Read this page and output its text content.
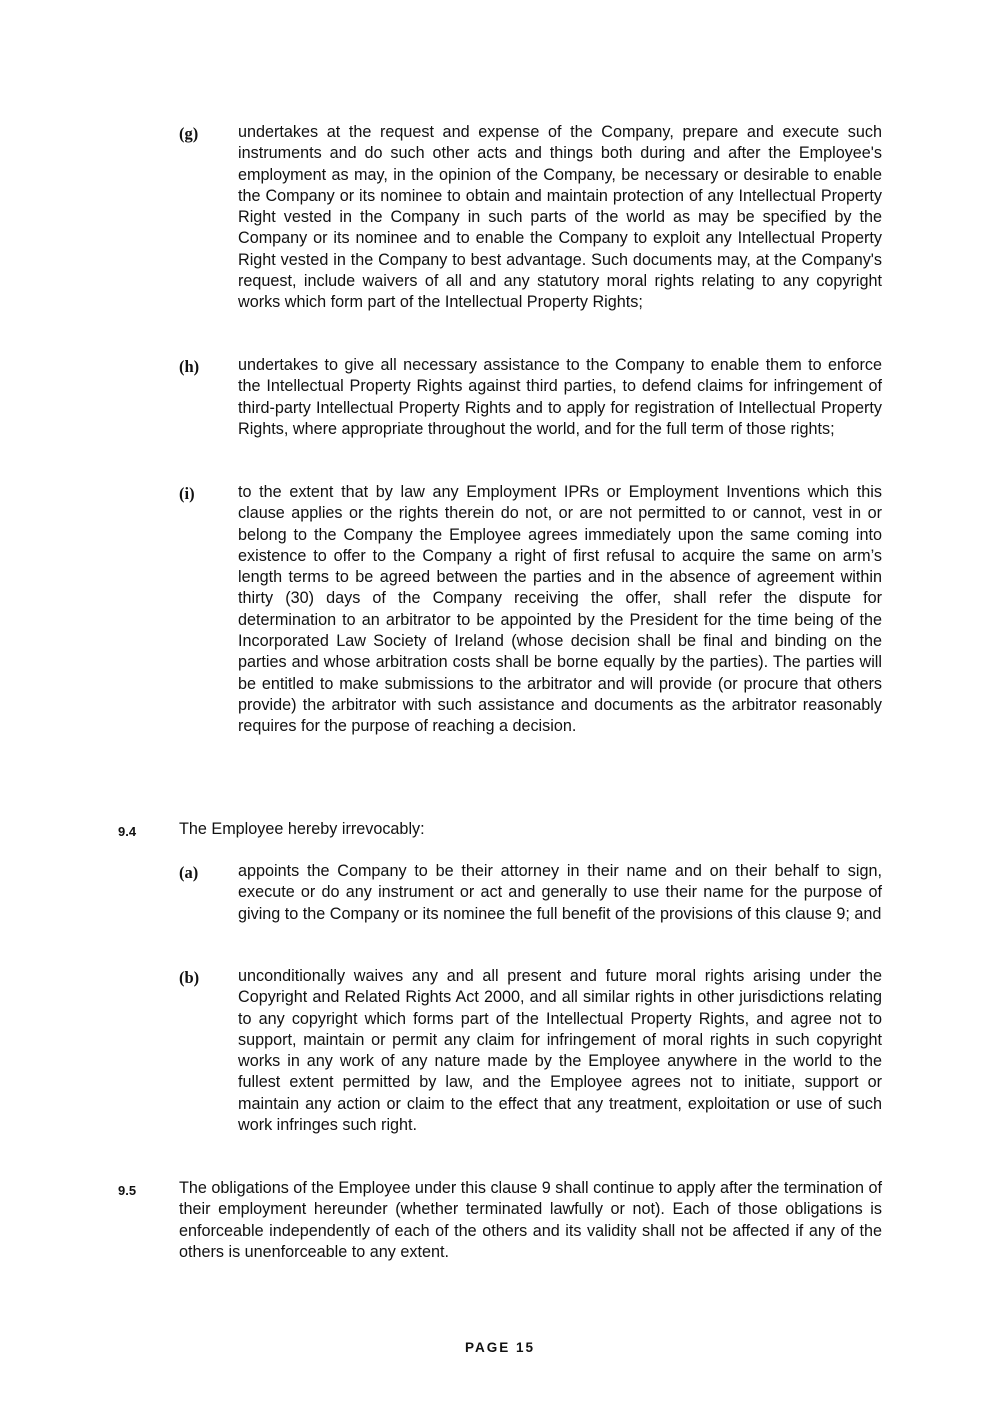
(g) undertakes at the request and expense of the Company, prepare and execute such instruments and do such other acts and things both during and after the Employee's employment as may, in the opinion of the Company, be necessary or desirable to enable the Company or its nominee to obtain and maintain protection of any Intellectual Property Right vested in the Company in such parts of the world as may be specified by the Company or its nominee and to enable the Company to exploit any Intellectual Property Right vested in the Company to best advantage. Such documents may, at the Company's request, include waivers of all and any statutory moral rights relating to any copyright works which form part of the Intellectual Property Rights;
(h) undertakes to give all necessary assistance to the Company to enable them to enforce the Intellectual Property Rights against third parties, to defend claims for infringement of third-party Intellectual Property Rights and to apply for registration of Intellectual Property Rights, where appropriate throughout the world, and for the full term of those rights;
(i)	to the extent that by law any Employment IPRs or Employment Inventions which this clause applies or the rights therein do not, or are not permitted to or cannot, vest in or belong to the Company the Employee agrees immediately upon the same coming into existence to offer to the Company a right of first refusal to acquire the same on arm’s length terms to be agreed between the parties and in the absence of agreement within thirty (30) days of the Company receiving the offer, shall refer the dispute for determination to an arbitrator to be appointed by the President for the time being of the Incorporated Law Society of Ireland (whose decision shall be final and binding on the parties and whose arbitration costs shall be borne equally by the parties). The parties will be entitled to make submissions to the arbitrator and will provide (or procure that others provide) the arbitrator with such assistance and documents as the arbitrator reasonably requires for the purpose of reaching a decision.
9.4	The Employee hereby irrevocably:
(a) appoints the Company to be their attorney in their name and on their behalf to sign, execute or do any instrument or act and generally to use their name for the purpose of giving to the Company or its nominee the full benefit of the provisions of this clause 9; and
(b) unconditionally waives any and all present and future moral rights arising under the Copyright and Related Rights Act 2000, and all similar rights in other jurisdictions relating to any copyright which forms part of the Intellectual Property Rights, and agree not to support, maintain or permit any claim for infringement of moral rights in such copyright works in any work of any nature made by the Employee anywhere in the world to the fullest extent permitted by law, and the Employee agrees not to initiate, support or maintain any action or claim to the effect that any treatment, exploitation or use of such work infringes such right.
9.5	The obligations of the Employee under this clause 9 shall continue to apply after the termination of their employment hereunder (whether terminated lawfully or not). Each of those obligations is enforceable independently of each of the others and its validity shall not be affected if any of the others is unenforceable to any extent.
PAGE 15
